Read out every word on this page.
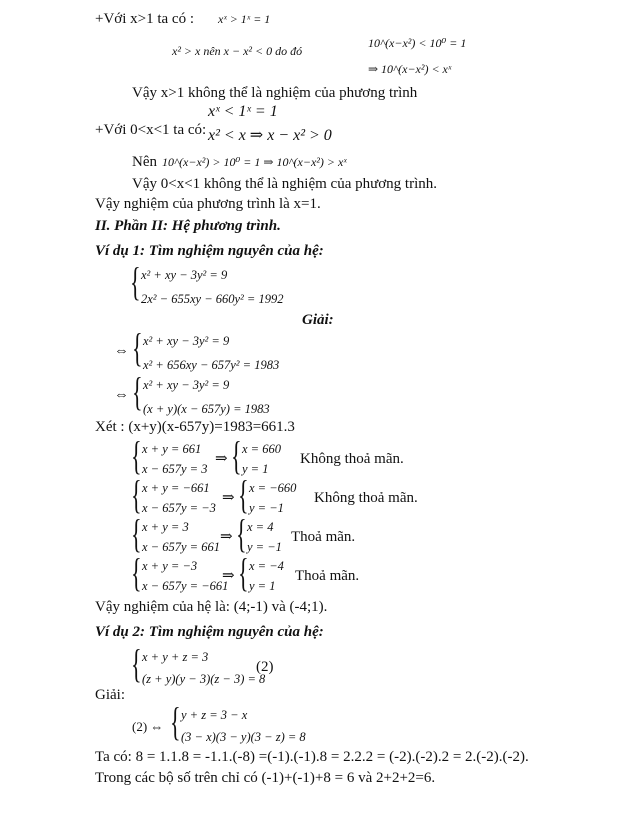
+Với x>1 ta có : xˣ > 1ˣ = 1
x² > x nên x − x² < 0 do đó
10^(x−x²) < 10⁰ = 1
⇒ 10^(x−x²) < xˣ
Vậy x>1 không thể là nghiệm của phương trình
xˣ < 1ˣ = 1
+Với 0<x<1 ta có: x² < x ⇒ x − x² > 0
Nên 10^(x−x²) > 10⁰ = 1 ⇒ 10^(x−x²) > xˣ
Vậy 0<x<1 không thể là nghiệm của phương trình.
Vậy nghiệm của phương trình là x=1.
II. Phần II: Hệ phương trình.
Ví dụ 1: Tìm nghiệm nguyên của hệ:
{ x² + xy − 3y² = 9
2x² − 655xy − 660y² = 1992
Giải:
⇔ { x² + xy − 3y² = 9
x² + 656xy − 657y² = 1983
⇔ { x² + xy − 3y² = 9
(x + y)(x − 657y) = 1983
Xét : (x+y)(x-657y)=1983=661.3
{ x + y = 661
x − 657y = 3
⇒ { x = 660
y = 1
Không thoả mãn.
{ x + y = −661
x − 657y = −3
⇒ { x = −660
y = −1
Không thoả mãn.
{ x + y = 3
x − 657y = 661
⇒ { x = 4
y = −1
Thoả mãn.
{ x + y = −3
x − 657y = −661
⇒ { x = −4
y = 1
Thoả mãn.
Vậy nghiệm của hệ là: (4;-1) và (-4;1).
Ví dụ 2: Tìm nghiệm nguyên của hệ:
{ x + y + z = 3
(z + y)(y − 3)(z − 3) = 8
(2)
Giải:
(2) ⇔ { y + z = 3 − x
(3 − x)(3 − y)(3 − z) = 8
Ta có: 8 = 1.1.8 = -1.1.(-8) =(-1).(-1).8 = 2.2.2 = (-2).(-2).2 = 2.(-2).(-2).
Trong các bộ số trên chỉ có (-1)+(-1)+8 = 6 và 2+2+2=6.
